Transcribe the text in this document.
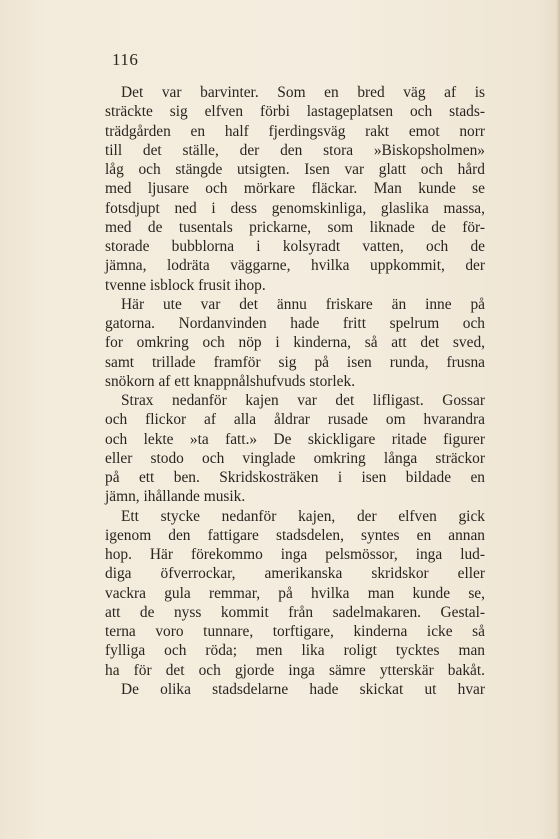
116
Det var barvinter. Som en bred väg af is
sträckte sig elfven förbi lastageplatsen och stads-
trädgården en half fjerdingsväg rakt emot norr
till det ställe, der den stora »Biskopsholmen»
låg och stängde utsigten. Isen var glatt och hård
med ljusare och mörkare fläckar. Man kunde se
fotsdjupt ned i dess genomskinliga, glaslika massa,
med de tusentals prickarne, som liknade de för-
storade bubblorna i kolsyradt vatten, och de
jämna, lodräta väggarne, hvilka uppkommit, der
tvenne isblock frusit ihop.
Här ute var det ännu friskare än inne på
gatorna. Nordanvinden hade fritt spelrum och
for omkring och nöp i kinderna, så att det sved,
samt trillade framför sig på isen runda, frusna
snökorn af ett knappnålshufvuds storlek.
Strax nedanför kajen var det lifligast. Gossar
och flickor af alla åldrar rusade om hvarandra
och lekte »ta fatt.» De skickligare ritade figurer
eller stodo och vinglade omkring långa sträckor
på ett ben. Skridskosträken i isen bildade en
jämn, ihållande musik.
Ett stycke nedanför kajen, der elfven gick
igenom den fattigare stadsdelen, syntes en annan
hop. Här förekommo inga pelsmössor, inga lud-
diga öfverrockar, amerikanska skridskor eller
vackra gula remmar, på hvilka man kunde se,
att de nyss kommit från sadelmakaren. Gestal-
terna voro tunnare, torftigare, kinderna icke så
fylliga och röda; men lika roligt tycktes man
ha för det och gjorde inga sämre ytterskär bakåt.
De olika stadsdelarne hade skickat ut hvar
